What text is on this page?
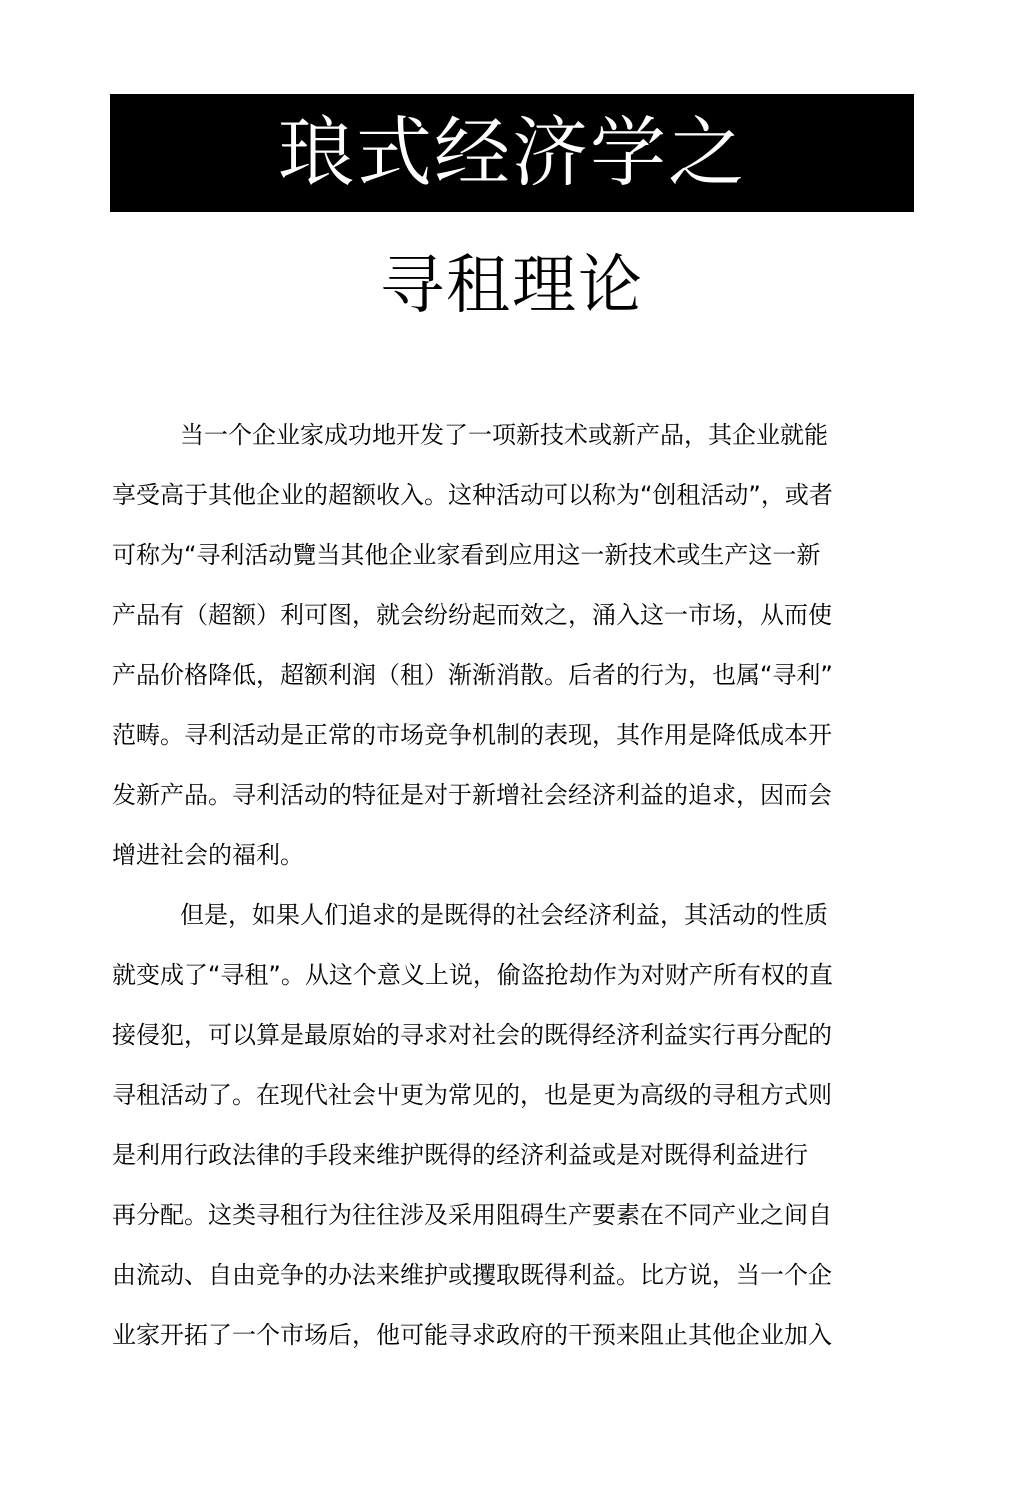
琅式经济学之
寻租理论
当一个企业家成功地开发了一项新技术或新产品，其企业就能
享受高于其他企业的超额收入。这种活动可以称为“创租活动”，或者
可称为“寻利活动覽当其他企业家看到应用这一新技术或生产这一新
产品有（超额）利可图，就会纷纷起而效之，涌入这一市场，从而使
产品价格降低，超额利润（租）渐渐消散。后者的行为，也属“寻利”
范畴。寻利活动是正常的市场竞争机制的表现，其作用是降低成本开
发新产品。寻利活动的特征是对于新增社会经济利益的追求，因而会
增进社会的福利。
但是，如果人们追求的是既得的社会经济利益，其活动的性质
就变成了“寻租”。从这个意义上说，偷盗抢劫作为对财产所有权的直
接侵犯，可以算是最原始的寻求对社会的既得经济利益实行再分配的
寻租活动了。在现代社会屮更为常见的，也是更为高级的寻租方式则
是利用行政法律的手段来维护既得的经济利益或是对既得利益进行
再分配。这类寻租行为往往涉及采用阻碍生产要素在不同产业之间自
由流动、自由竞争的办法来维护或攫取既得利益。比方说，当一个企
业家开拓了一个市场后，他可能寻求政府的干预来阻止其他企业加入
